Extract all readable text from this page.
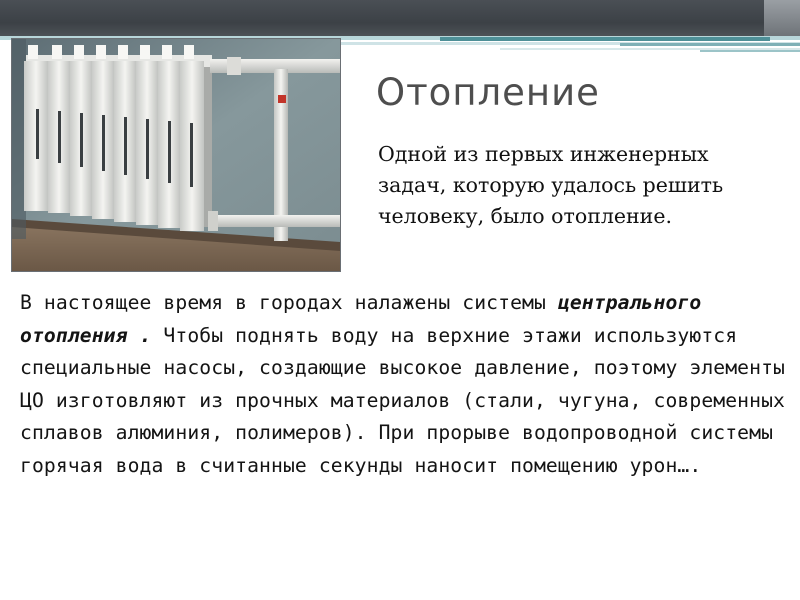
Отопление

Одной из первых инженерных задач, которую удалось решить человеку, было отопление.

В настоящее время в городах налажены системы центрального отопления . Чтобы поднять воду на верхние этажи используются специальные насосы, создающие высокое давление, поэтому элементы ЦО изготовляют из прочных материалов (стали, чугуна, современных сплавов алюминия, полимеров). При прорыве водопроводной системы горячая вода в считанные секунды наносит помещению урон….
